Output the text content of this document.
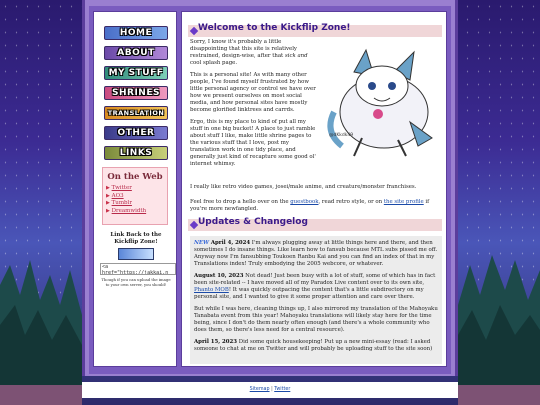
HOME
ABOUT
MY STUFF
SHRINES
TRANSLATION
OTHER
LINKS
On the Web
▶ Twitter
▶ AO3
▶ Tumblr
▶ Dreamwidth
Link Back to the Kickflip Zone!
<a href="https://jakkai.n
Though if you can upload the image to your own server, you should!
Welcome to the Kickflip Zone!

Sorry, I know it's probably a little disappointing that this site is relatively restrained, design-wise, after that sick and cool splash page.

This is a personal site! As with many other people, I've found myself frustrated by how little personal agency or control we have over how we present ourselves on most social media, and how personal sites have mostly become glorified linktrees and carrds.

Ergo, this is my place to kind of put all my stuff in one big bucket! A place to just ramble about stuff I like, make little shrine pages to the various stuff that I love, post my translation work in one tidy place, and generally just kind of recapture some good ol' internet whimsy.

@dKkdk49
I really like retro video games, josei/male anime, and creature/monster franchises.
Feel free to drop a hello over on the guestbook, read retro style, or on the site profile if you're more newfangled.
Updates & Changelog

NEW April 4, 2024 I'm always plugging away at little things here and there, and then sometimes I do insane things. Like learn how to fansub because MTL subs pissed me off. Anyway now I'm fansubbing Toukoen Ranbu Kai and you can find an index of that in my Translations index! Truly embodying the 2005 webcore, or whatever.

August 10, 2023 Not dead! Just been busy with a lot of stuff, some of which has in fact been site-related -- I have moved all of my Paradox Live content over to its own site, Phanto MOB! It was quickly outpacing the content that's a little subdirectory on my personal site, and I wanted to give it some proper attention and care over there.

But while I was here, cleaning things up, I also mirrored my translation of the Mahoyaku Tanabata event from this year! Mahoyaku translations will likely stay here for the time being, since I don't do them nearly often enough (and there's a whole community who does them, so there's less need for a central resource).

April 15, 2023 Did some quick housekeeping! Put up a new mini-essay (read: I asked someone to chat at me on Twitter and will probably be uploading stuff to the site soon)

Sitemap | Twitter
